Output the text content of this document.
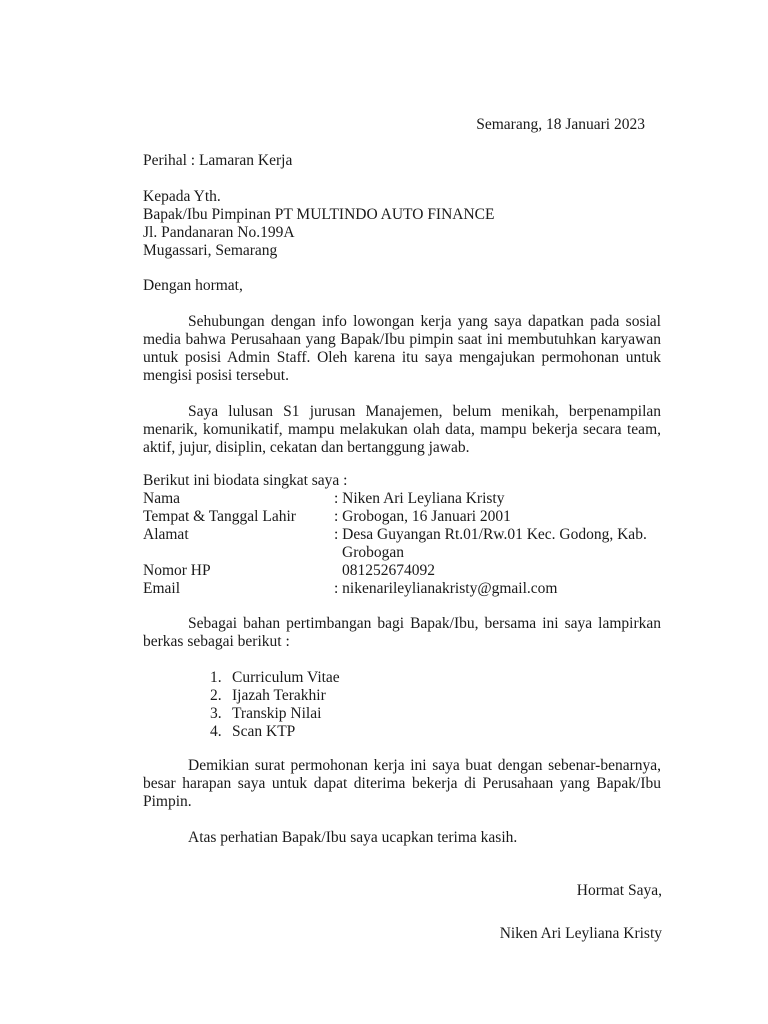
Semarang, 18 Januari 2023
Perihal : Lamaran Kerja
Kepada Yth.
Bapak/Ibu Pimpinan PT MULTINDO AUTO FINANCE
Jl. Pandanaran No.199A
Mugassari, Semarang
Dengan hormat,
Sehubungan dengan info lowongan kerja yang saya dapatkan pada sosial media bahwa Perusahaan yang Bapak/Ibu pimpin saat ini membutuhkan karyawan untuk posisi Admin Staff. Oleh karena itu saya mengajukan permohonan untuk mengisi posisi tersebut.
Saya lulusan S1 jurusan Manajemen, belum menikah, berpenampilan menarik, komunikatif, mampu melakukan olah data, mampu bekerja secara team, aktif, jujur, disiplin, cekatan dan bertanggung jawab.
Berikut ini biodata singkat saya :
Nama	: Niken Ari Leyliana Kristy
Tempat & Tanggal Lahir : Grobogan, 16 Januari 2001
Alamat	: Desa Guyangan Rt.01/Rw.01 Kec. Godong, Kab.
Grobogan
Nomor HP	081252674092
Email	: nikenarileylianakristy@gmail.com
Sebagai bahan pertimbangan bagi Bapak/Ibu, bersama ini saya lampirkan berkas sebagai berikut :
1. Curriculum Vitae
2. Ijazah Terakhir
3. Transkip Nilai
4. Scan KTP
Demikian surat permohonan kerja ini saya buat dengan sebenar-benarnya, besar harapan saya untuk dapat diterima bekerja di Perusahaan yang Bapak/Ibu Pimpin.
Atas perhatian Bapak/Ibu saya ucapkan terima kasih.
Hormat Saya,
Niken Ari Leyliana Kristy
